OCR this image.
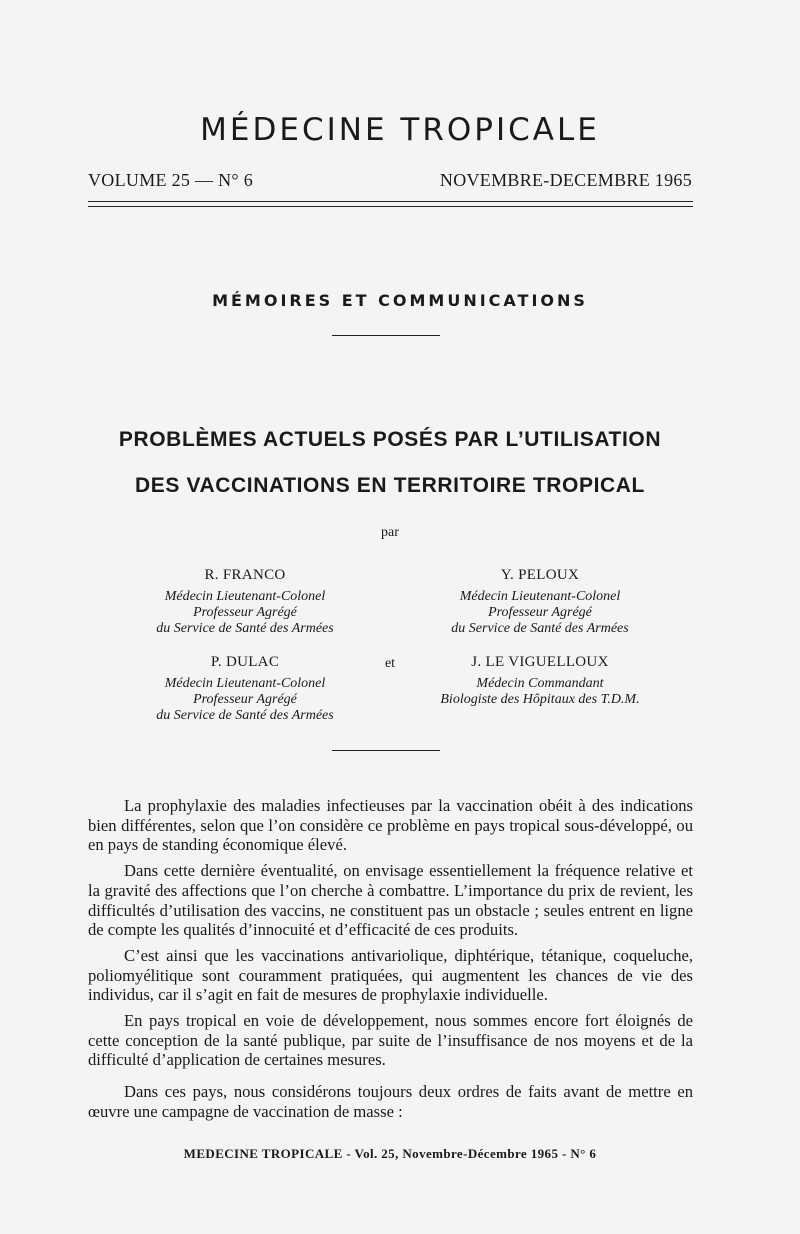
MÉDECINE TROPICALE
VOLUME 25 — N° 6	NOVEMBRE-DECEMBRE 1965
MÉMOIRES ET COMMUNICATIONS
PROBLÈMES ACTUELS POSÉS PAR L’UTILISATION
DES VACCINATIONS EN TERRITOIRE TROPICAL
par
R. FRANCO
Médecin Lieutenant-Colonel
Professeur Agrégé
du Service de Santé des Armées
Y. PELOUX
Médecin Lieutenant-Colonel
Professeur Agrégé
du Service de Santé des Armées
P. DULAC
Médecin Lieutenant-Colonel
Professeur Agrégé
du Service de Santé des Armées
et	J. LE VIGUELLOUX
Médecin Commandant
Biologiste des Hôpitaux des T.D.M.

La prophylaxie des maladies infectieuses par la vaccination obéit à des indications bien différentes, selon que l’on considère ce problème en pays tropical sous-développé, ou en pays de standing économique élevé.

Dans cette dernière éventualité, on envisage essentiellement la fréquence relative et la gravité des affections que l’on cherche à combattre. L’importance du prix de revient, les difficultés d’utilisation des vaccins, ne constituent pas un obstacle ; seules entrent en ligne de compte les qualités d’innocuité et d’efficacité de ces produits.

C’est ainsi que les vaccinations antivariolique, diphtérique, tétanique, coqueluche, poliomyélitique sont couramment pratiquées, qui augmentent les chances de vie des individus, car il s’agit en fait de mesures de prophylaxie individuelle.

En pays tropical en voie de développement, nous sommes encore fort éloignés de cette conception de la santé publique, par suite de l’insuffisance de nos moyens et de la difficulté d’application de certaines mesures.

Dans ces pays, nous considérons toujours deux ordres de faits avant de mettre en œuvre une campagne de vaccination de masse :

MEDECINE TROPICALE - Vol. 25, Novembre-Décembre 1965 - N° 6
